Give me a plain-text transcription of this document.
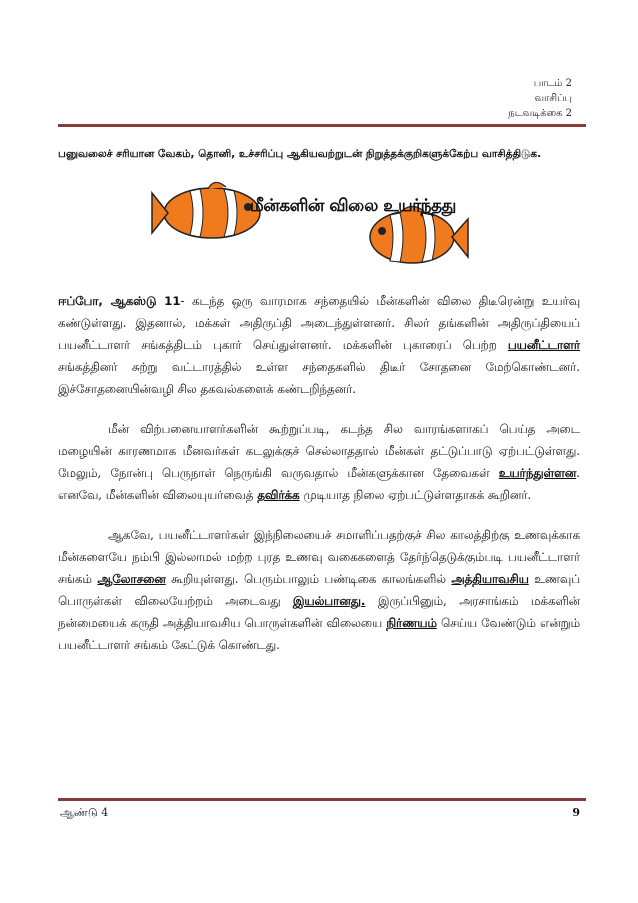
பாடம் 2
வாசிப்பு
நடவடிக்கை 2
பனுவலைச் சரியான வேகம், தொனி, உச்சரிப்பு ஆகியவற்றுடன் நிறுத்தக்குறிகளுக்கேற்ப வாசித்திடுக.
மீன்களின் விலை உயர்ந்தது

ஈப்போ, ஆகஸ்டு 11- கடந்த ஒரு வாரமாக சந்தையில் மீன்களின் விலை திடீரென்று உயர்வு கண்டுள்ளது. இதனால், மக்கள் அதிருப்தி அடைந்துள்ளனர். சிலர் தங்களின் அதிருப்தியைப் பயனீட்டாளர் சங்கத்திடம் புகார் செய்துள்ளனர். மக்களின் புகாரைப் பெற்ற பயனீட்டாளர் சங்கத்தினர் சுற்று வட்டாரத்தில் உள்ள சந்தைகளில் திடீர் சோதனை மேற்கொண்டனர். இச்சோதனையின்வழி சில தகவல்களைக் கண்டறிந்தனர்.

மீன் விற்பனையாளர்களின் கூற்றுப்படி, கடந்த சில வாரங்களாகப் பெய்த அடை மழையின் காரணமாக மீனவர்கள் கடலுக்குச் செல்லாததால் மீன்கள் தட்டுப்பாடு ஏற்பட்டுள்ளது. மேலும், நோன்பு பெருநாள் நெருங்கி வருவதால் மீன்களுக்கான தேவைகள் உயர்ந்துள்ளன. எனவே, மீன்களின் விலையுயர்வைத் தவிர்க்க முடியாத நிலை ஏற்பட்டுள்ளதாகக் கூறினர்.

ஆகவே, பயனீட்டாளர்கள் இந்நிலையைச் சமாளிப்பதற்குச் சில காலத்திற்கு உணவுக்காக மீன்களையே நம்பி இல்லாமல் மற்ற புரத உணவு வகைகளைத் தேர்ந்தெடுக்கும்படி பயனீட்டாளர் சங்கம் ஆலோசனை கூறியுள்ளது. பெரும்பாலும் பண்டிகை காலங்களில் அத்தியாவசிய உணவுப் பொருள்கள் விலையேற்றம் அடைவது இயல்பானது. இருப்பினும், அரசாங்கம் மக்களின் நன்மையைக் கருதி அத்தியாவசிய பொருள்களின் விலையை நிர்ணயம் செய்ய வேண்டும் என்றும் பயனீட்டாளர் சங்கம் கேட்டுக் கொண்டது.

ஆண்டு 4	9
